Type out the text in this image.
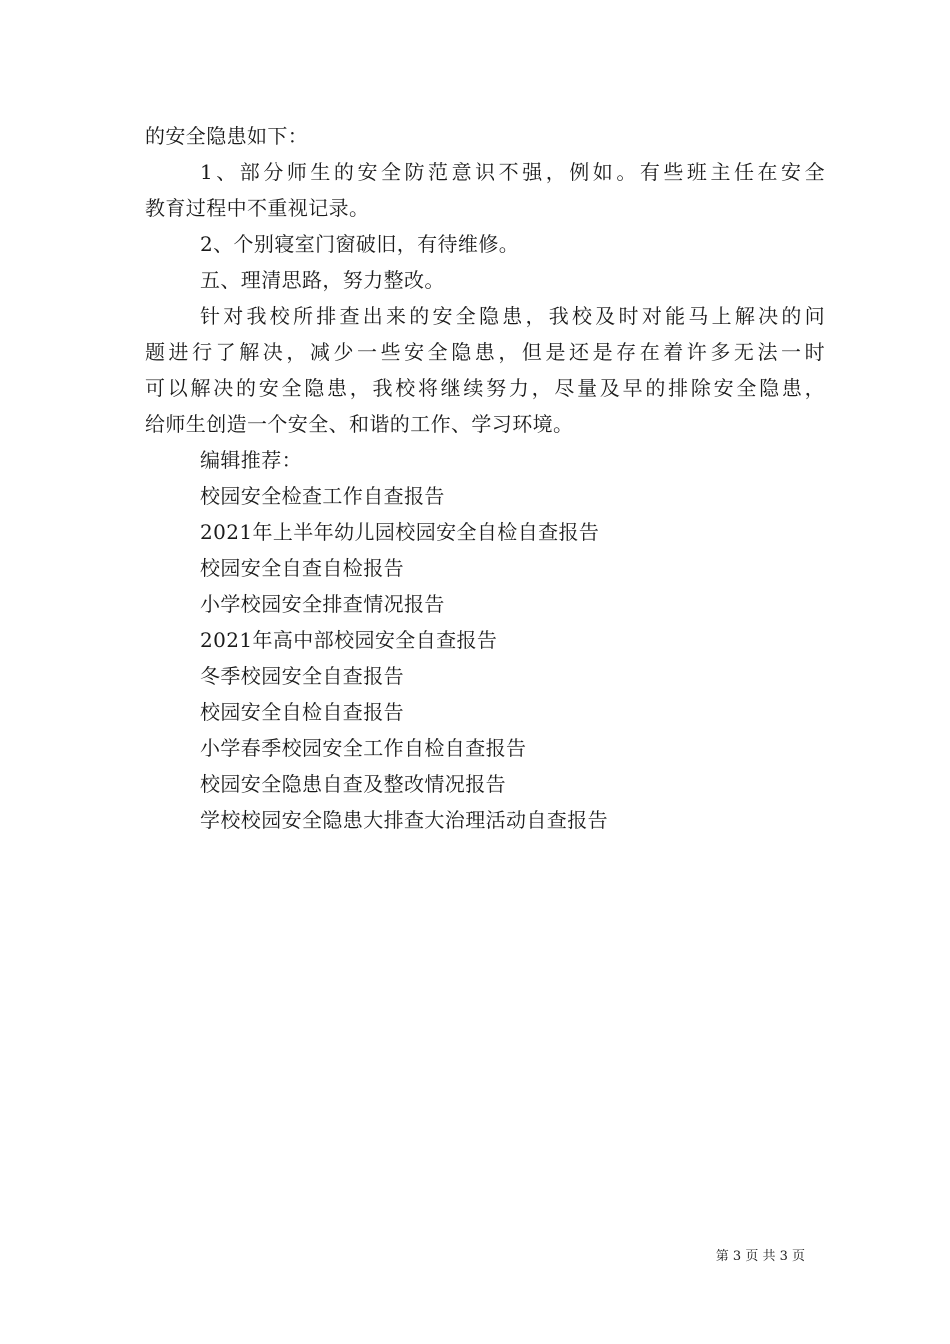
的安全隐患如下：
1、部分师生的安全防范意识不强，例如。有些班主任在安全
教育过程中不重视记录。
2、个别寝室门窗破旧，有待维修。
五、理清思路，努力整改。
针对我校所排查出来的安全隐患，我校及时对能马上解决的问
题进行了解决，减少一些安全隐患，但是还是存在着许多无法一时
可以解决的安全隐患，我校将继续努力，尽量及早的排除安全隐患，
给师生创造一个安全、和谐的工作、学习环境。
编辑推荐：
校园安全检查工作自查报告
2021年上半年幼儿园校园安全自检自查报告
校园安全自查自检报告
小学校园安全排查情况报告
2021年高中部校园安全自查报告
冬季校园安全自查报告
校园安全自检自查报告
小学春季校园安全工作自检自查报告
校园安全隐患自查及整改情况报告
学校校园安全隐患大排查大治理活动自查报告
第 3 页 共 3 页
